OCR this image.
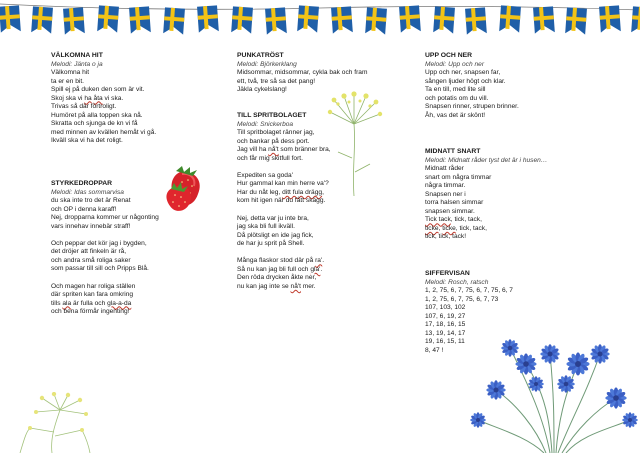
VÄLKOMNA HIT
Melodi: Jänta o ja
Välkomna hit
ta er en bit.
Spill ej på duken den som är vit.
Skoj ska vi ha åta vi ska.
Trivas så där förtroligt.
Humöret på alla toppen ska nå.
Skratta och sjunga de kn vi få
med minnen av kvällen hemåt vi gå.
Ikväll ska vi ha det roligt.
STYRKEDROPPAR
Melodi: Idas sommarvisa
du ska inte tro det är Renat
och OP i denna karaff!
Nej, dropparna kommer ur någonting
vars innehav innebär straff!
Och peppar det kör jag i bygden,
det dröjer att finkeln är rå,
och andra små roliga saker
som passar till sill och Pripps Blå.
Och magen har roliga ställen
där spriten kan fara omkring
tills ala är fulla och gla-a-da
och bena förmår ingenting!
PUNKATRÖST
Melodi: Björkerklang
Midsommar, midsommar, cykla bak och fram
ett, två, tre så sa det pang!
Jäkla cykelslang!
TILL SPRITBOLAGET
Melodi: Snickerboa
Till spritbolaget ränner jag,
och bankar på dess port.
Jag vill ha nå't som bränner bra,
och får mig skitfull fort.
Expediten sa goda'
Hur gammal kan min herre va'?
Har du nåt leg, ditt fula drägg,
kom hit igen när du fått skägg.
Nej, detta var ju inte bra,
jag ska bli full ikväll.
Då plötsligt en ide jag fick,
de har ju sprit på Shell.
Många flaskor stod där på ra'.
Så nu kan jag bli full och gla'.
Den röda drycken åkte ner,
nu kan jag inte se nå't mer.
UPP OCH NER
Melodi: Upp och ner
Upp och ner, snapsen far,
sången ljuder högt och klar.
Ta en till, med lite sill
och potatis om du vill.
Snapsen rinner, strupen brinner.
Åh, vas det är skönt!
MIDNATT SNART
Melodi: Midnatt råder tyst det är i husen…
Midnatt råder
snart om några timmar
några timmar.
Snapsen ner i
torra halsen simmar
snapsen simmar.
Tick tack, tick, tack,
ticke, ticke, tick, tack,
tick, tick, tack!
SIFFERVISAN
Melodi: Rosch, ratsch
1, 2, 75, 6, 7, 75, 6, 7, 75, 6, 7
1, 2, 75, 6, 7, 75, 6, 7, 73
107, 103, 102
107, 6, 19, 27
17, 18, 16, 15
13, 19, 14, 17
19, 16, 15, 11
8, 47 !
